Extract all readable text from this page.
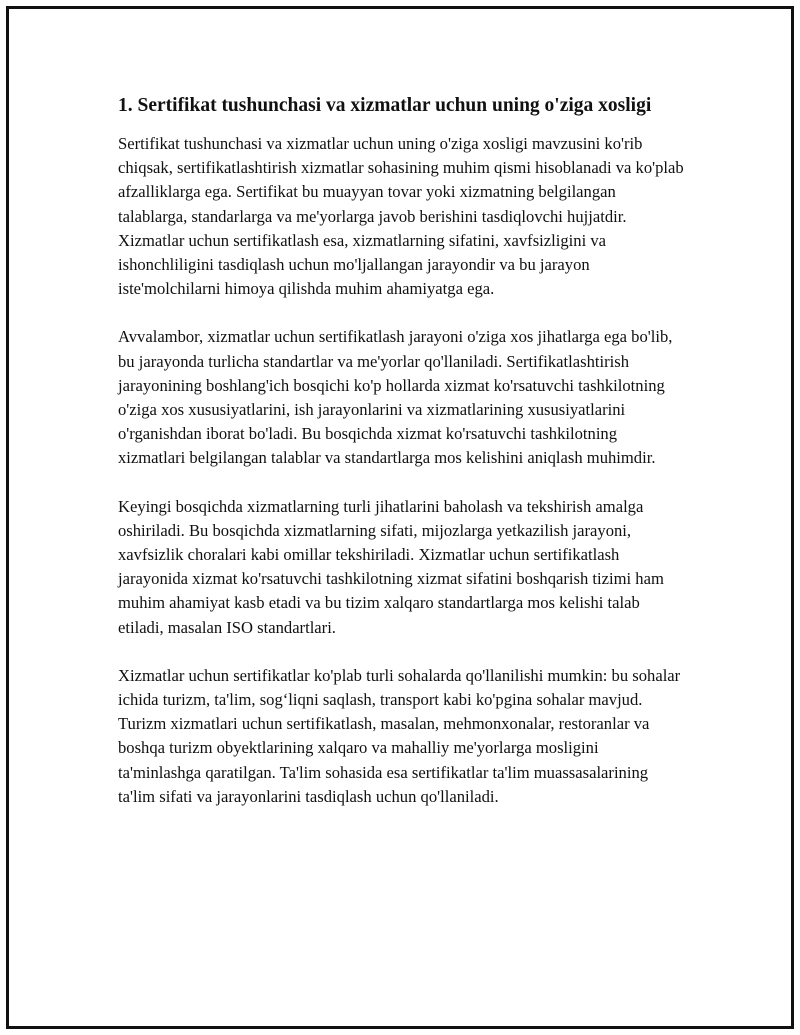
1. Sertifikat tushunchasi va xizmatlar uchun uning o'ziga xosligi

Sertifikat tushunchasi va xizmatlar uchun uning o'ziga xosligi mavzusini ko'rib chiqsak, sertifikatlashtirish xizmatlar sohasining muhim qismi hisoblanadi va ko'plab afzalliklarga ega. Sertifikat bu muayyan tovar yoki xizmatning belgilangan talablarga, standarlarga va me'yorlarga javob berishini tasdiqlovchi hujjatdir. Xizmatlar uchun sertifikatlash esa, xizmatlarning sifatini, xavfsizligini va ishonchliligini tasdiqlash uchun mo'ljallangan jarayondir va bu jarayon iste'molchilarni himoya qilishda muhim ahamiyatga ega.

Avvalambor, xizmatlar uchun sertifikatlash jarayoni o'ziga xos jihatlarga ega bo'lib, bu jarayonda turlicha standartlar va me'yorlar qo'llaniladi. Sertifikatlashtirish jarayonining boshlang'ich bosqichi ko'p hollarda xizmat ko'rsatuvchi tashkilotning o'ziga xos xususiyatlarini, ish jarayonlarini va xizmatlarining xususiyatlarini o'rganishdan iborat bo'ladi. Bu bosqichda xizmat ko'rsatuvchi tashkilotning xizmatlari belgilangan talablar va standartlarga mos kelishini aniqlash muhimdir.

Keyingi bosqichda xizmatlarning turli jihatlarini baholash va tekshirish amalga oshiriladi. Bu bosqichda xizmatlarning sifati, mijozlarga yetkazilish jarayoni, xavfsizlik choralari kabi omillar tekshiriladi. Xizmatlar uchun sertifikatlash jarayonida xizmat ko'rsatuvchi tashkilotning xizmat sifatini boshqarish tizimi ham muhim ahamiyat kasb etadi va bu tizim xalqaro standartlarga mos kelishi talab etiladi, masalan ISO standartlari.

Xizmatlar uchun sertifikatlar ko'plab turli sohalarda qo'llanilishi mumkin: bu sohalar ichida turizm, ta'lim, sog‘liqni saqlash, transport kabi ko'pgina sohalar mavjud. Turizm xizmatlari uchun sertifikatlash, masalan, mehmonxonalar, restoranlar va boshqa turizm obyektlarining xalqaro va mahalliy me'yorlarga mosligini ta'minlashga qaratilgan. Ta'lim sohasida esa sertifikatlar ta'lim muassasalarining ta'lim sifati va jarayonlarini tasdiqlash uchun qo'llaniladi.
